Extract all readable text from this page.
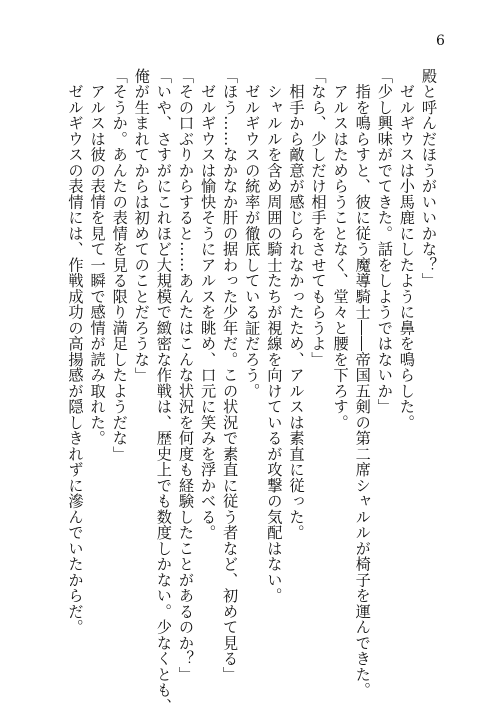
6
殿と呼んだほうがいいかな？」
　ゼルギウスは小馬鹿にしたように鼻を鳴らした。
「少し興味がでてきた。話をしようではないか」
　指を鳴らすと、彼に従う魔導騎士――帝国五剣の第二席シャルルが椅子を運んできた。
　アルスはためらうことなく、堂々と腰を下ろす。
「なら、少しだけ相手をさせてもらうよ」
　相手から敵意が感じられなかったため、アルスは素直に従った。
　シャルルを含め周囲の騎士たちが視線を向けているが攻撃の気配はない。
　ゼルギウスの統率が徹底している証だろう。
「ほう……なかなか肝の据わった少年だ。この状況で素直に従う者など、初めて見る」
　ゼルギウスは愉快そうにアルスを眺め、口元に笑みを浮かべる。
「その口ぶりからすると……あんたはこんな状況を何度も経験したことがあるのか？」
「いや、さすがにこれほど大規模で緻密な作戦は、歴史上でも数度しかない。少なくとも、
俺が生まれてからは初めてのことだろうな」
「そうか。あんたの表情を見る限り満足したようだな」
　アルスは彼の表情を見て一瞬で感情が読み取れた。
　ゼルギウスの表情には、作戦成功の高揚感が隠しきれずに滲んでいたからだ。
